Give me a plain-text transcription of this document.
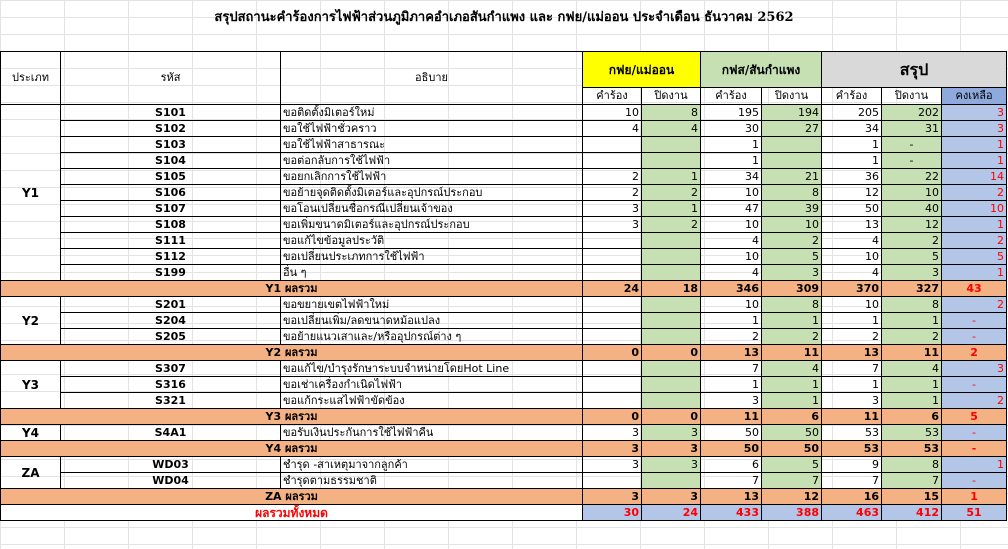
สรุปสถานะคำร้องการไฟฟ้าส่วนภูมิภาคอำเภอสันกำแพง และ กฟย/แม่ออน ประจำเดือน ธันวาคม 2562
ประเภท	รหัส	อธิบาย	กฟย/แม่ออน		กฟส/สันกำแพง		สรุป		
			คำร้อง	ปิดงาน	คำร้อง	ปิดงาน	คำร้อง	ปิดงาน	คงเหลือ
Y1	S101	ขอติดตั้งมิเตอร์ใหม่	10	8	195	194	205	202	3
	S102	ขอใช้ไฟฟ้าชั่วคราว	4	4	30	27	34	31	3
	S103	ขอใช้ไฟฟ้าสาธารณะ			1		1	-	1
	S104	ขอต่อกลับการใช้ไฟฟ้า			1		1	-	1
	S105	ขอยกเลิกการใช้ไฟฟ้า	2	1	34	21	36	22	14
	S106	ขอย้ายจุดติดตั้งมิเตอร์และอุปกรณ์ประกอบ	2	2	10	8	12	10	2
	S107	ขอโอนเปลี่ยนชื่อกรณีเปลี่ยนเจ้าของ	3	1	47	39	50	40	10
	S108	ขอเพิ่มขนาดมิเตอร์และอุปกรณ์ประกอบ	3	2	10	10	13	12	1
	S111	ขอแก้ไขข้อมูลประวัติ			4	2	4	2	2
	S112	ขอเปลี่ยนประเภทการใช้ไฟฟ้า			10	5	10	5	5
	S199	อื่น ๆ			4	3	4	3	1
Y1 ผลรวม			24	18	346	309	370	327	43
Y2	S201	ขอขยายเขตไฟฟ้าใหม่			10	8	10	8	2
	S204	ขอเปลี่ยนเพิ่ม/ลดขนาดหม้อแปลง			1	1	1	1	-
	S205	ขอย้ายแนวเสาและ/หรืออุปกรณ์ต่าง ๆ			2	2	2	2	-
Y2 ผลรวม			0	0	13	11	13	11	2
Y3	S307	ขอแก้ไข/บำรุงรักษาระบบจำหน่ายโดยHot Line			7	4	7	4	3
	S316	ขอเช่าเครื่องกำเนิดไฟฟ้า			1	1	1	1	-
	S321	ขอแก้กระแสไฟฟ้าขัดข้อง			3	1	3	1	2
Y3 ผลรวม			0	0	11	6	11	6	5
Y4	S4A1	ขอรับเงินประกันการใช้ไฟฟ้าคืน	3	3	50	50	53	53	-
Y4 ผลรวม			3	3	50	50	53	53	-
ZA	WD03	ชำรุด -สาเหตุมาจากลูกค้า	3	3	6	5	9	8	1
	WD04	ชำรุดตามธรรมชาติ			7	7	7	7	-
ZA ผลรวม			3	3	13	12	16	15	1
ผลรวมทั้งหมด			30	24	433	388	463	412	51
